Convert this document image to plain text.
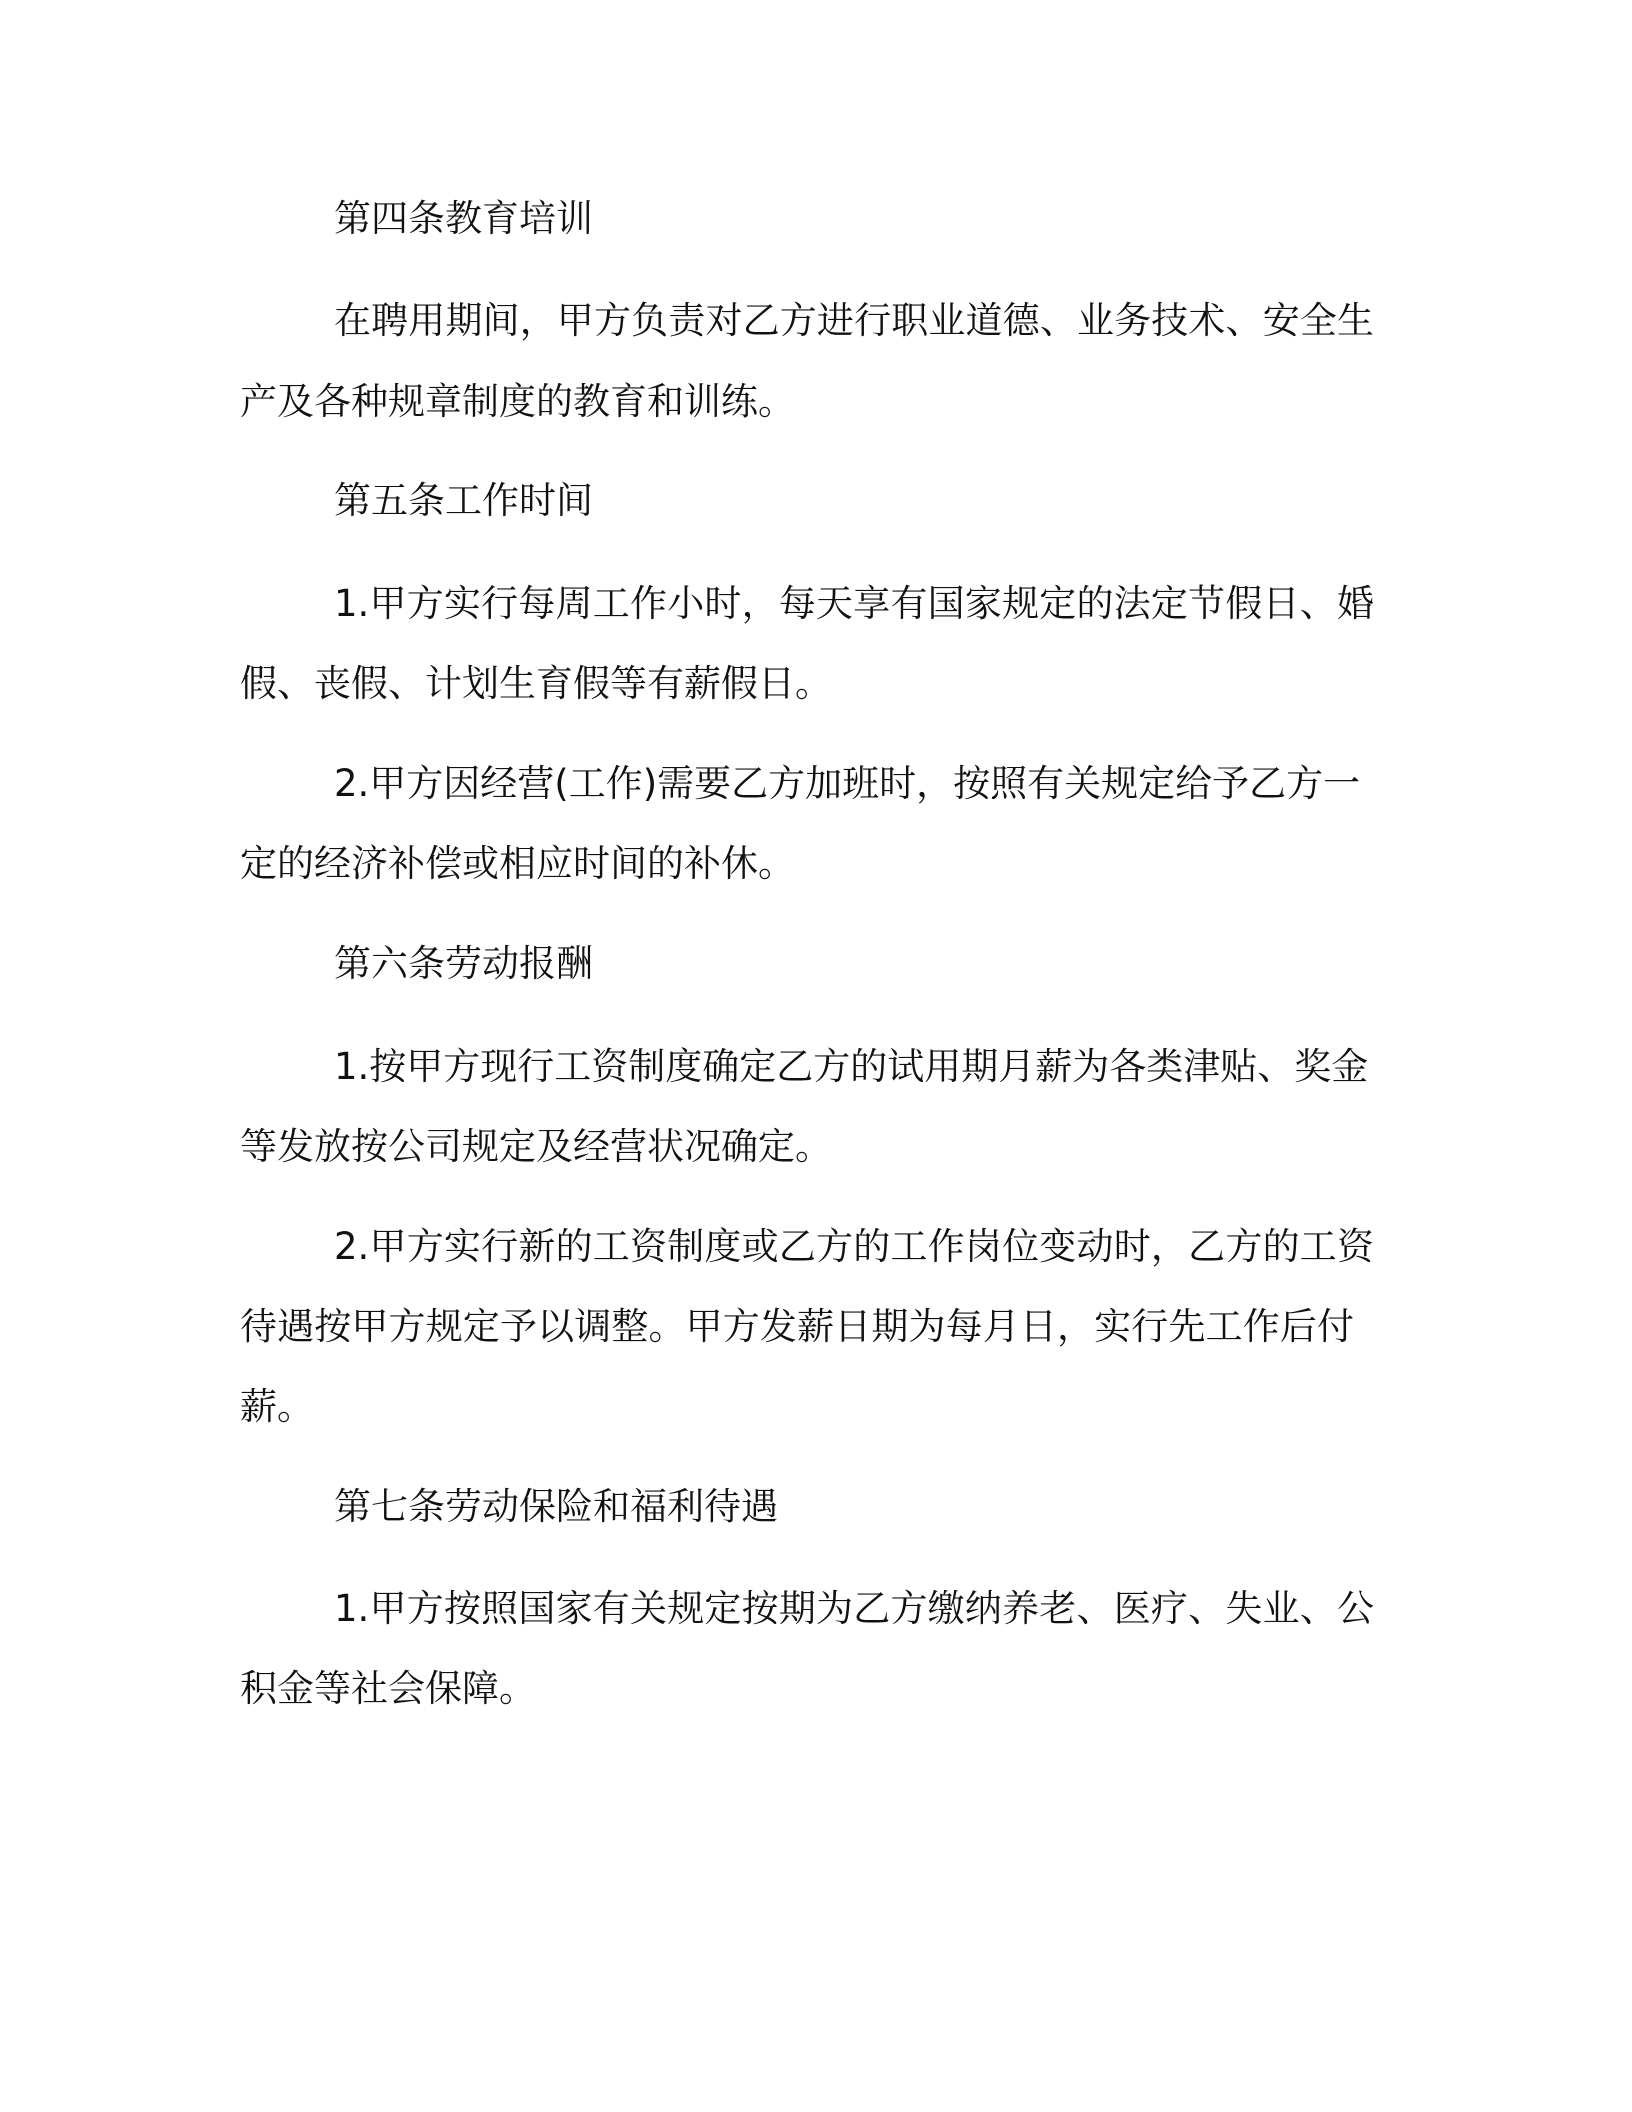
第四条教育培训
在聘用期间，甲方负责对乙方进行职业道德、业务技术、安全生
产及各种规章制度的教育和训练。
第五条工作时间
1.甲方实行每周工作小时，每天享有国家规定的法定节假日、婚
假、丧假、计划生育假等有薪假日。
2.甲方因经营(工作)需要乙方加班时，按照有关规定给予乙方一
定的经济补偿或相应时间的补休。
第六条劳动报酬
1.按甲方现行工资制度确定乙方的试用期月薪为各类津贴、奖金
等发放按公司规定及经营状况确定。
2.甲方实行新的工资制度或乙方的工作岗位变动时，乙方的工资
待遇按甲方规定予以调整。甲方发薪日期为每月日，实行先工作后付
薪。
第七条劳动保险和福利待遇
1.甲方按照国家有关规定按期为乙方缴纳养老、医疗、失业、公
积金等社会保障。
